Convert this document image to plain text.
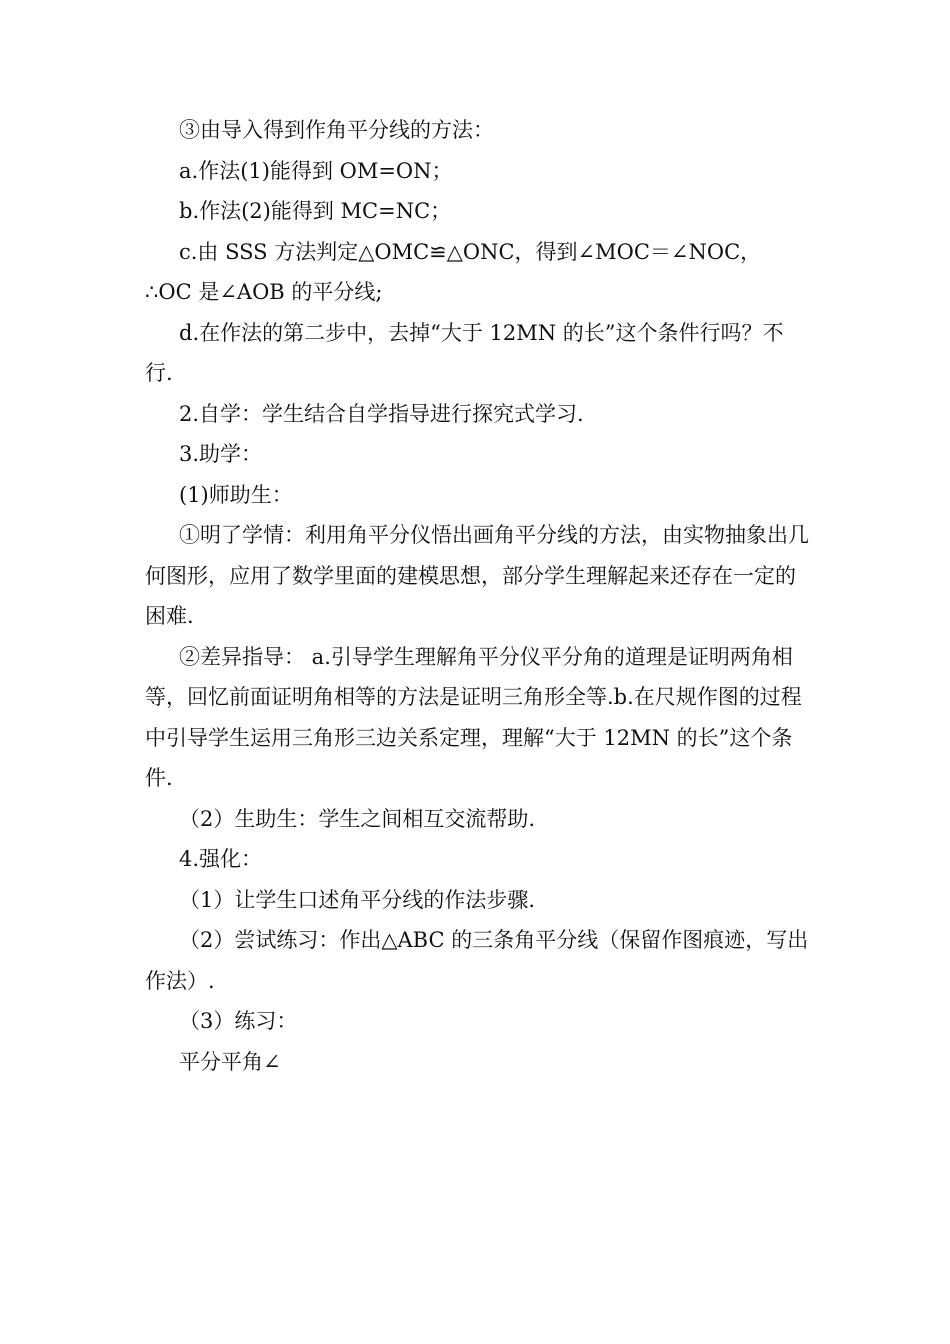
③由导入得到作角平分线的方法：

a.作法(1)能得到 OM=ON；

b.作法(2)能得到 MC=NC；

c.由 SSS 方法判定△OMC≌△ONC，得到∠MOC＝∠NOC，

∴OC 是∠AOB 的平分线;

d.在作法的第二步中，去掉“大于 12MN 的长”这个条件行吗？不行.

2.自学：学生结合自学指导进行探究式学习.

3.助学：

(1)师助生：

①明了学情：利用角平分仪悟出画角平分线的方法，由实物抽象出几何图形，应用了数学里面的建模思想，部分学生理解起来还存在一定的困难.

②差异指导： a.引导学生理解角平分仪平分角的道理是证明两角相等，回忆前面证明角相等的方法是证明三角形全等.b.在尺规作图的过程中引导学生运用三角形三边关系定理，理解“大于 12MN 的长”这个条件.

（2）生助生：学生之间相互交流帮助.

4.强化：

（1）让学生口述角平分线的作法步骤.

（2）尝试练习：作出△ABC 的三条角平分线（保留作图痕迹，写出作法）.

（3）练习：

平分平角∠
